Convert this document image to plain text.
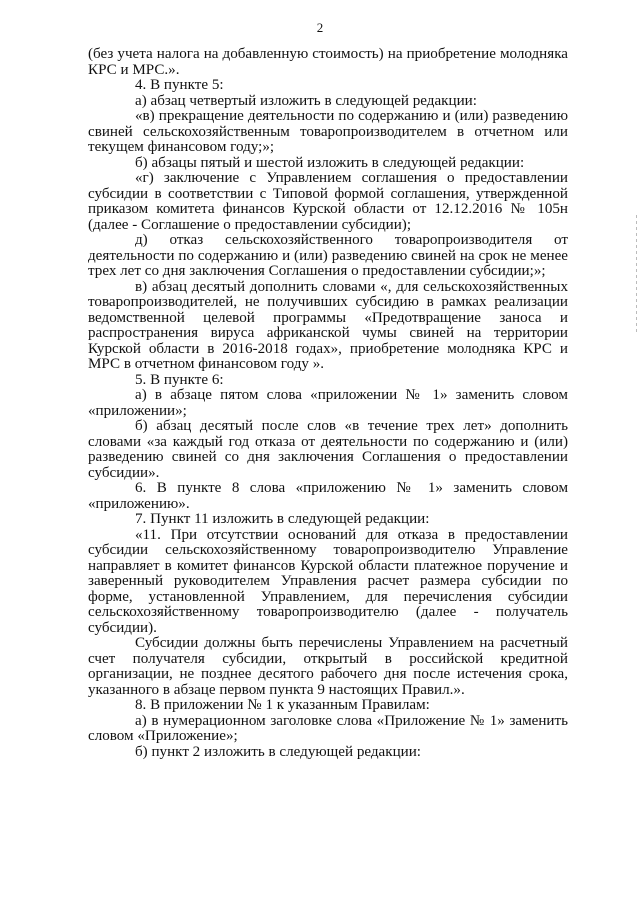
2

(без учета налога на добавленную стоимость) на приобретение молодняка КРС и МРС.».

4. В пункте 5:

а) абзац четвертый изложить в следующей редакции:

«в) прекращение деятельности по содержанию и (или) разведению свиней сельскохозяйственным товаропроизводителем в отчетном или текущем финансовом году;»;

б) абзацы пятый и шестой изложить в следующей редакции:

«г) заключение с Управлением соглашения о предоставлении субсидии в соответствии с Типовой формой соглашения, утвержденной приказом комитета финансов Курской области от 12.12.2016 № 105н (далее - Соглашение о предоставлении субсидии);

д) отказ сельскохозяйственного товаропроизводителя от деятельности по содержанию и (или) разведению свиней на срок не менее трех лет со дня заключения Соглашения о предоставлении субсидии;»;

в) абзац десятый дополнить словами «, для сельскохозяйственных товаропроизводителей, не получивших субсидию в рамках реализации ведомственной целевой программы «Предотвращение заноса и распространения вируса африканской чумы свиней на территории Курской области в 2016-2018 годах», приобретение молодняка КРС и МРС в отчетном финансовом году ».

5. В пункте 6:

а) в абзаце пятом слова «приложении № 1» заменить словом «приложении»;

б) абзац десятый после слов «в течение трех лет» дополнить словами «за каждый год отказа от деятельности по содержанию и (или) разведению свиней со дня заключения Соглашения о предоставлении субсидии».

6. В пункте 8 слова «приложению № 1» заменить словом «приложению».

7. Пункт 11 изложить в следующей редакции:

«11. При отсутствии оснований для отказа в предоставлении субсидии сельскохозяйственному товаропроизводителю Управление направляет в комитет финансов Курской области платежное поручение и заверенный руководителем Управления расчет размера субсидии по форме, установленной Управлением, для перечисления субсидии сельскохозяйственному товаропроизводителю (далее - получатель субсидии).

Субсидии должны быть перечислены Управлением на расчетный счет получателя субсидии, открытый в российской кредитной организации, не позднее десятого рабочего дня после истечения срока, указанного в абзаце первом пункта 9 настоящих Правил.».

8. В приложении № 1 к указанным Правилам:

а) в нумерационном заголовке слова «Приложение № 1» заменить словом «Приложение»;

б) пункт 2 изложить в следующей редакции:
